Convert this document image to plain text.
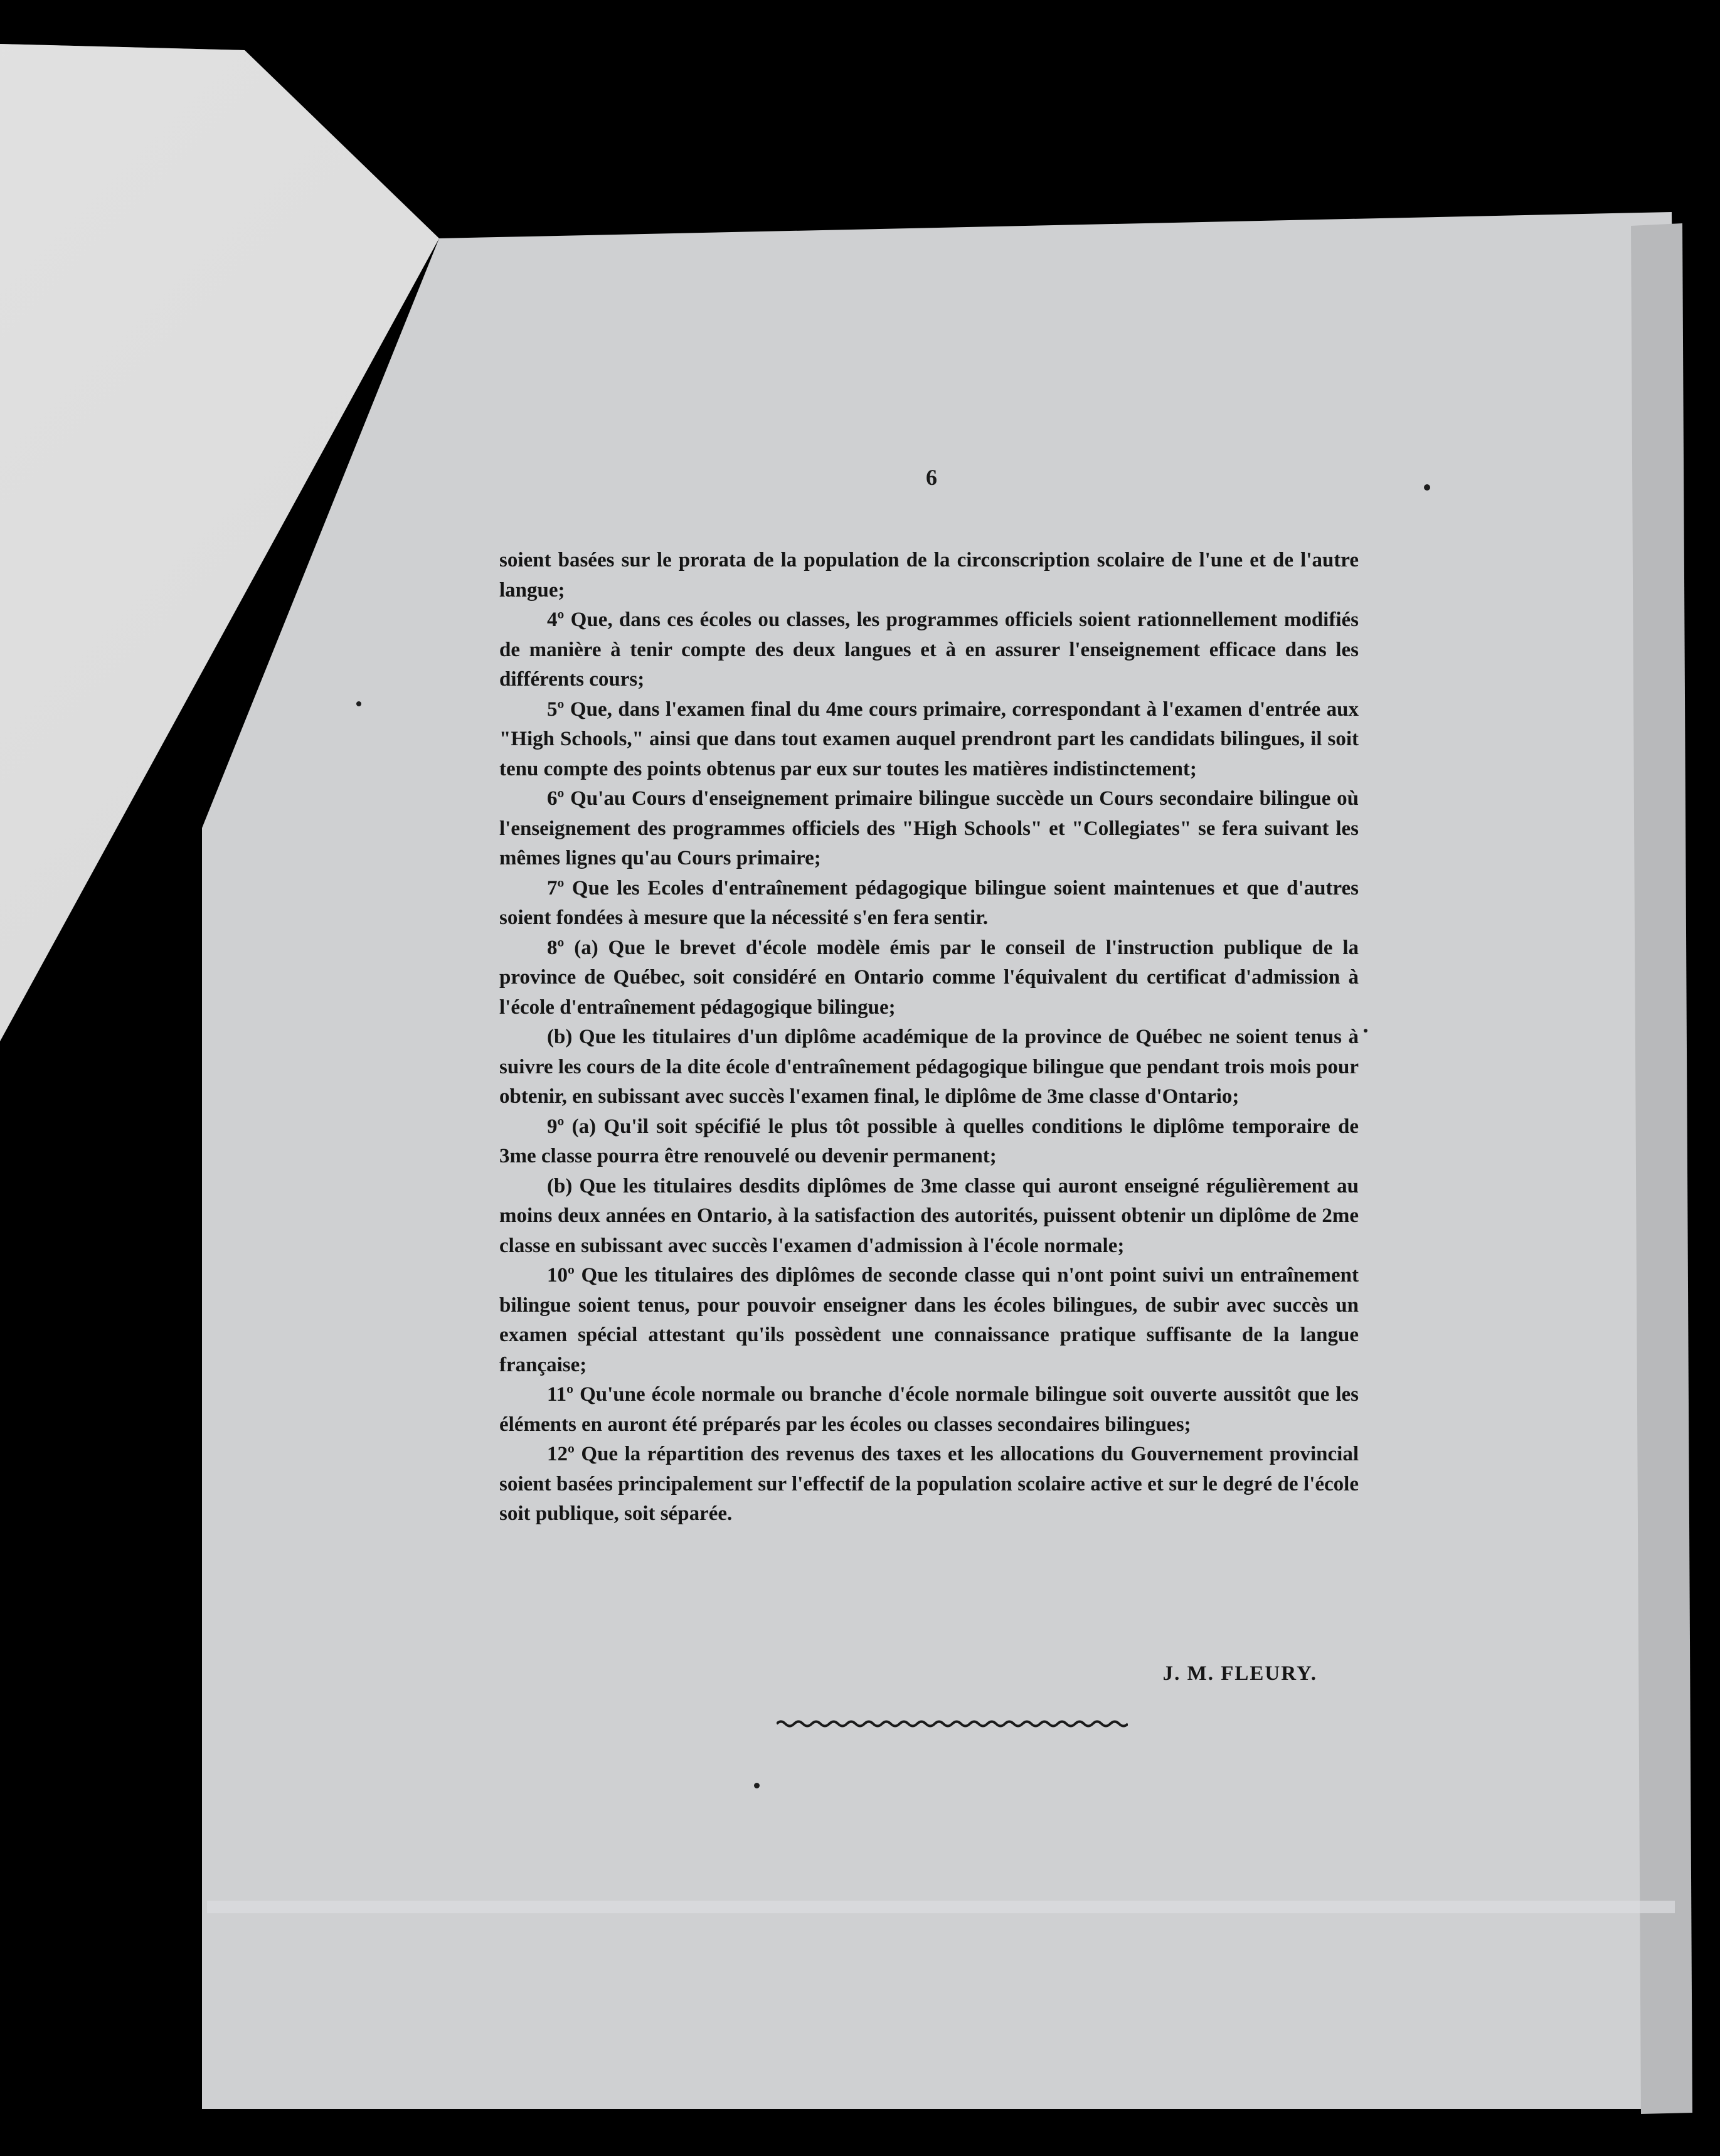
6

soient basées sur le prorata de la population de la circonscription scolaire de l'une et de l'autre langue;

4º Que, dans ces écoles ou classes, les programmes officiels soient rationnellement modifiés de manière à tenir compte des deux langues et à en assurer l'enseignement efficace dans les différents cours;

5º Que, dans l'examen final du 4me cours primaire, correspondant à l'examen d'entrée aux "High Schools," ainsi que dans tout examen auquel prendront part les candidats bilingues, il soit tenu compte des points obtenus par eux sur toutes les matières indistinctement;

6º Qu'au Cours d'enseignement primaire bilingue succède un Cours secondaire bilingue où l'enseignement des programmes officiels des "High Schools" et "Collegiates" se fera suivant les mêmes lignes qu'au Cours primaire;

7º Que les Ecoles d'entraînement pédagogique bilingue soient maintenues et que d'autres soient fondées à mesure que la nécessité s'en fera sentir.

8º (a) Que le brevet d'école modèle émis par le conseil de l'instruction publique de la province de Québec, soit considéré en Ontario comme l'équivalent du certificat d'admission à l'école d'entraînement pédagogique bilingue;

(b) Que les titulaires d'un diplôme académique de la province de Québec ne soient tenus à suivre les cours de la dite école d'entraînement pédagogique bilingue que pendant trois mois pour obtenir, en subissant avec succès l'examen final, le diplôme de 3me classe d'Ontario;

9º (a) Qu'il soit spécifié le plus tôt possible à quelles conditions le diplôme temporaire de 3me classe pourra être renouvelé ou devenir permanent;

(b) Que les titulaires desdits diplômes de 3me classe qui auront enseigné régulièrement au moins deux années en Ontario, à la satisfaction des autorités, puissent obtenir un diplôme de 2me classe en subissant avec succès l'examen d'admission à l'école normale;

10º Que les titulaires des diplômes de seconde classe qui n'ont point suivi un entraînement bilingue soient tenus, pour pouvoir enseigner dans les écoles bilingues, de subir avec succès un examen spécial attestant qu'ils possèdent une connaissance pratique suffisante de la langue française;

11º Qu'une école normale ou branche d'école normale bilingue soit ouverte aussitôt que les éléments en auront été préparés par les écoles ou classes secondaires bilingues;

12º Que la répartition des revenus des taxes et les allocations du Gouvernement provincial soient basées principalement sur l'effectif de la population scolaire active et sur le degré de l'école soit publique, soit séparée.

J. M. FLEURY.
